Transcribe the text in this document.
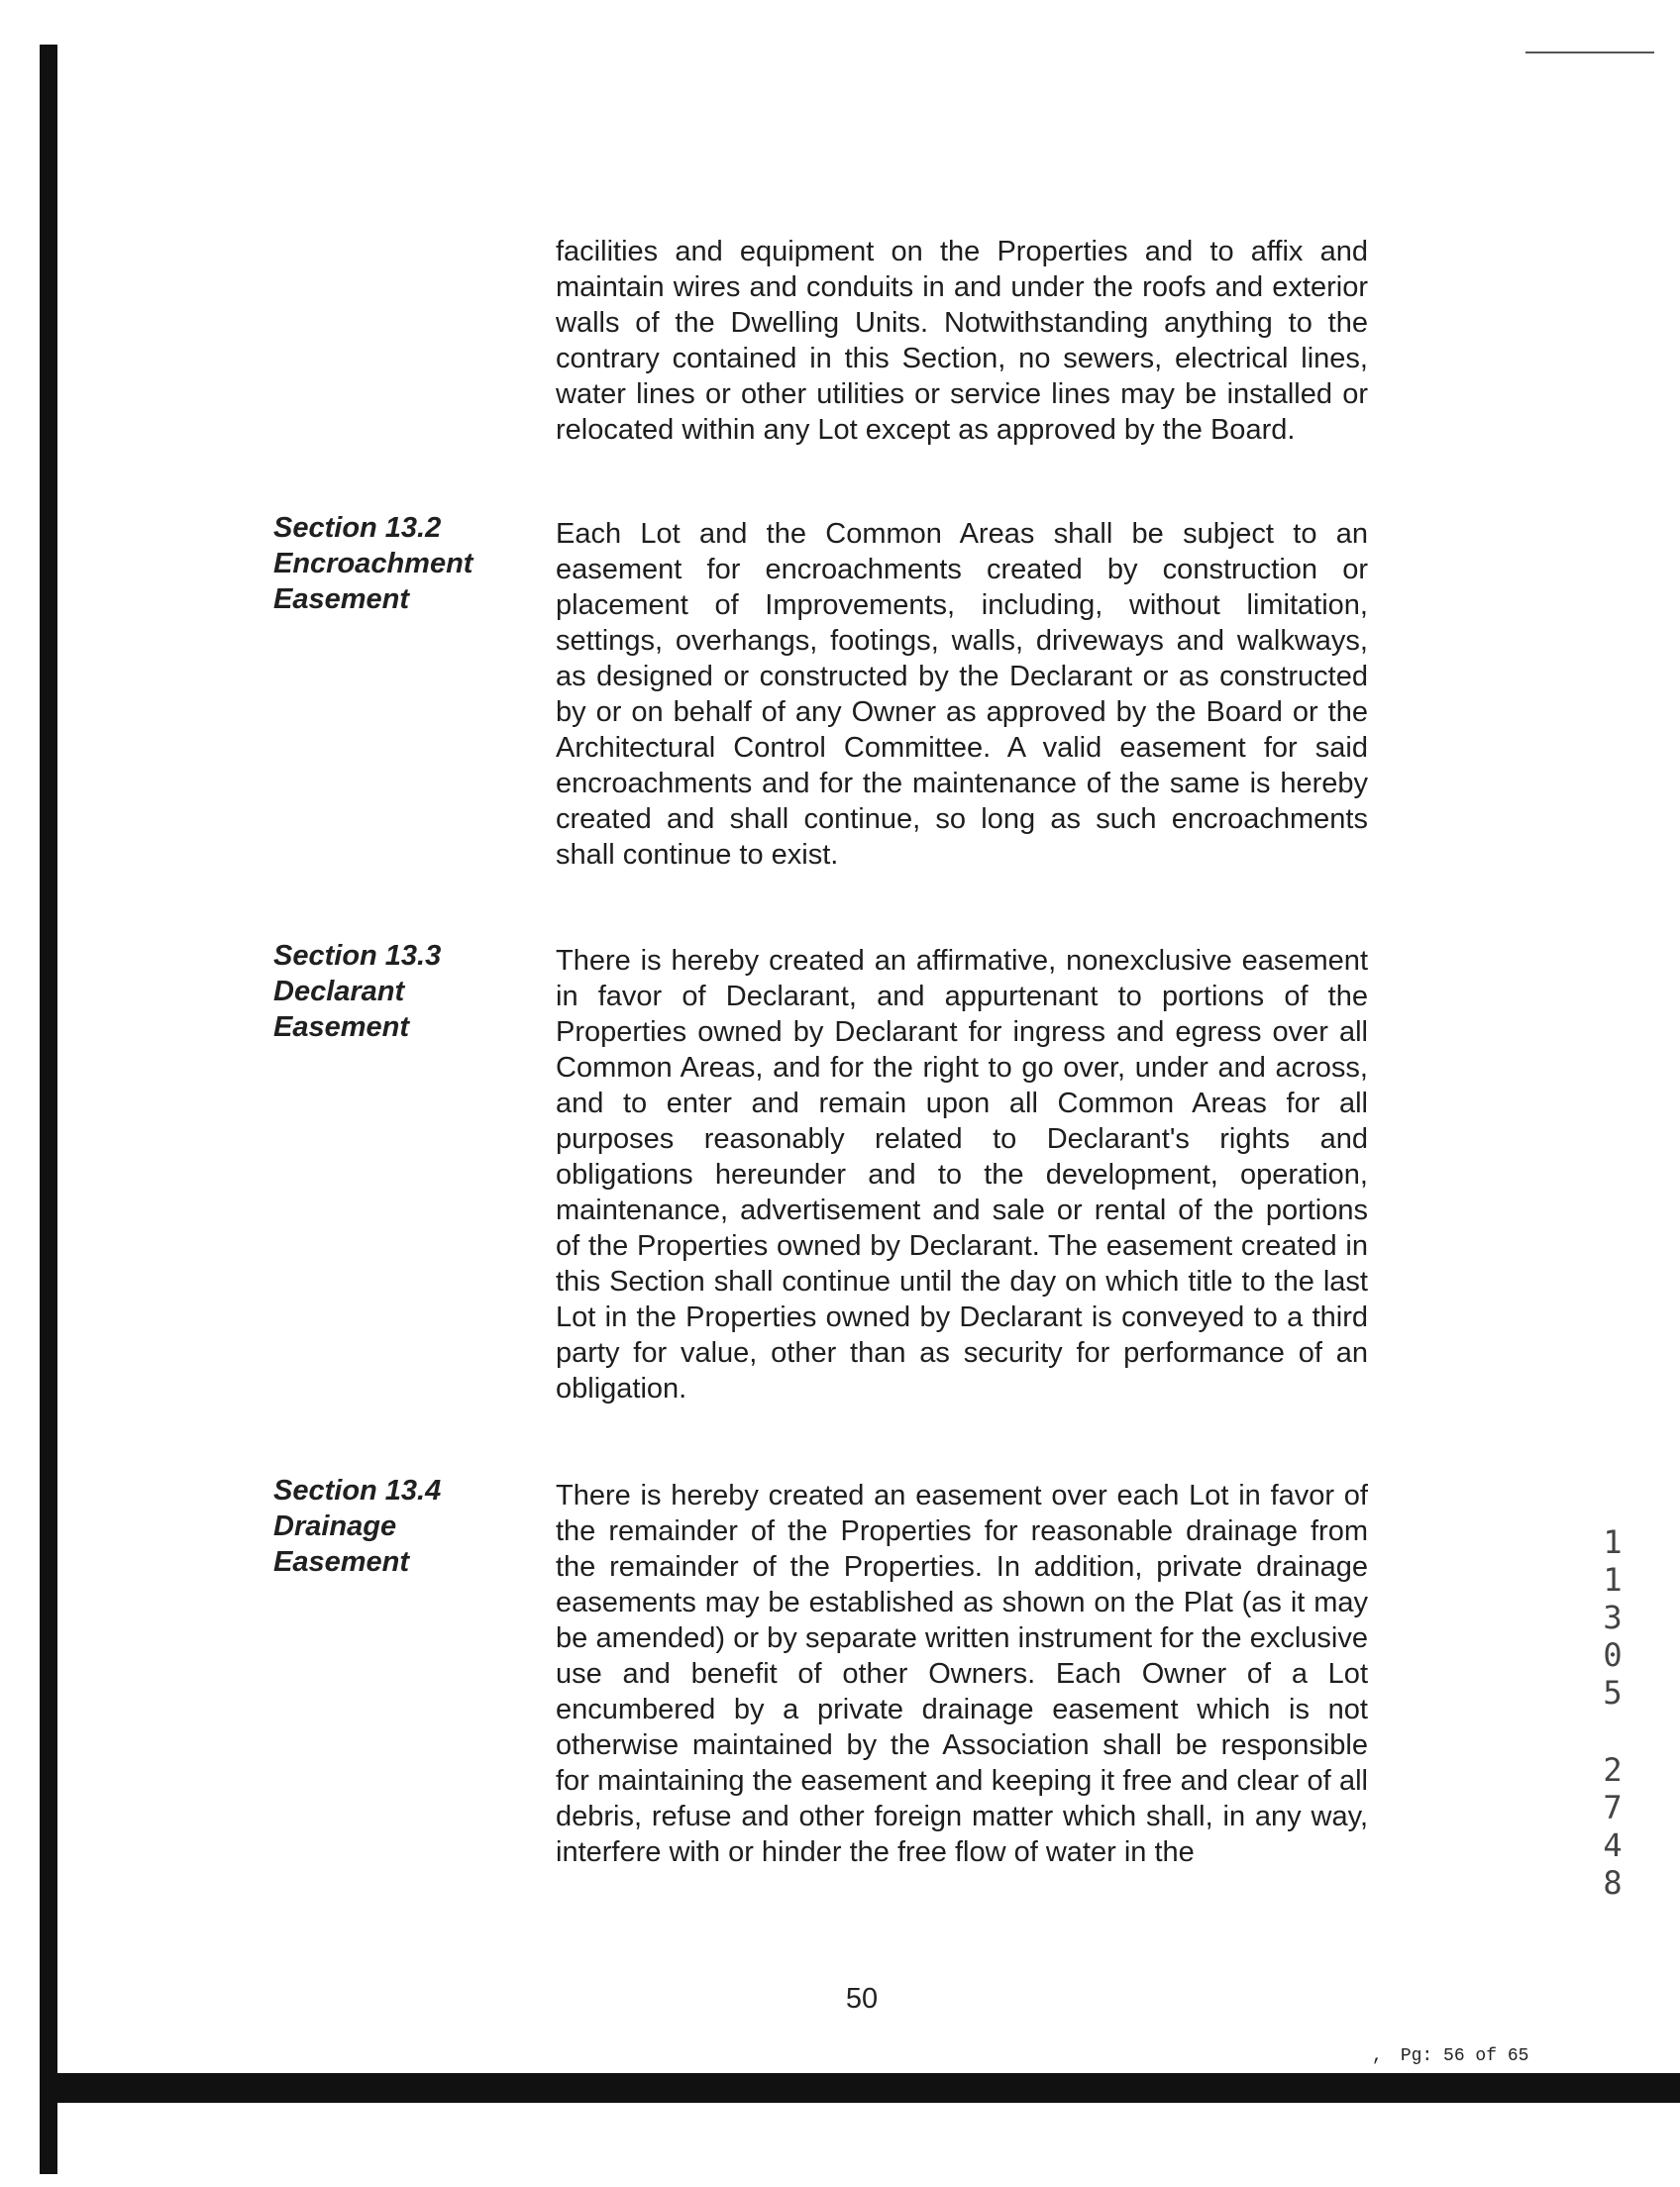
facilities and equipment on the Properties and to affix and maintain wires and conduits in and under the roofs and exterior walls of the Dwelling Units. Notwithstanding anything to the contrary contained in this Section, no sewers, electrical lines, water lines or other utilities or service lines may be installed or relocated within any Lot except as approved by the Board.

Section 13.2
Encroachment
Easement

Each Lot and the Common Areas shall be subject to an easement for encroachments created by construction or placement of Improvements, including, without limitation, settings, overhangs, footings, walls, driveways and walkways, as designed or constructed by the Declarant or as constructed by or on behalf of any Owner as approved by the Board or the Architectural Control Committee. A valid easement for said encroachments and for the maintenance of the same is hereby created and shall continue, so long as such encroachments shall continue to exist.

Section 13.3
Declarant
Easement

There is hereby created an affirmative, nonexclusive easement in favor of Declarant, and appurtenant to portions of the Properties owned by Declarant for ingress and egress over all Common Areas, and for the right to go over, under and across, and to enter and remain upon all Common Areas for all purposes reasonably related to Declarant's rights and obligations hereunder and to the development, operation, maintenance, advertisement and sale or rental of the portions of the Properties owned by Declarant. The easement created in this Section shall continue until the day on which title to the last Lot in the Properties owned by Declarant is conveyed to a third party for value, other than as security for performance of an obligation.

Section 13.4
Drainage
Easement

There is hereby created an easement over each Lot in favor of the remainder of the Properties for reasonable drainage from the remainder of the Properties. In addition, private drainage easements may be established as shown on the Plat (as it may be amended) or by separate written instrument for the exclusive use and benefit of other Owners. Each Owner of a Lot encumbered by a private drainage easement which is not otherwise maintained by the Association shall be responsible for maintaining the easement and keeping it free and clear of all debris, refuse and other foreign matter which shall, in any way, interfere with or hinder the free flow of water in the

50
1
1
3
0
5
2
7
4
8
, Pg: 56 of 65
